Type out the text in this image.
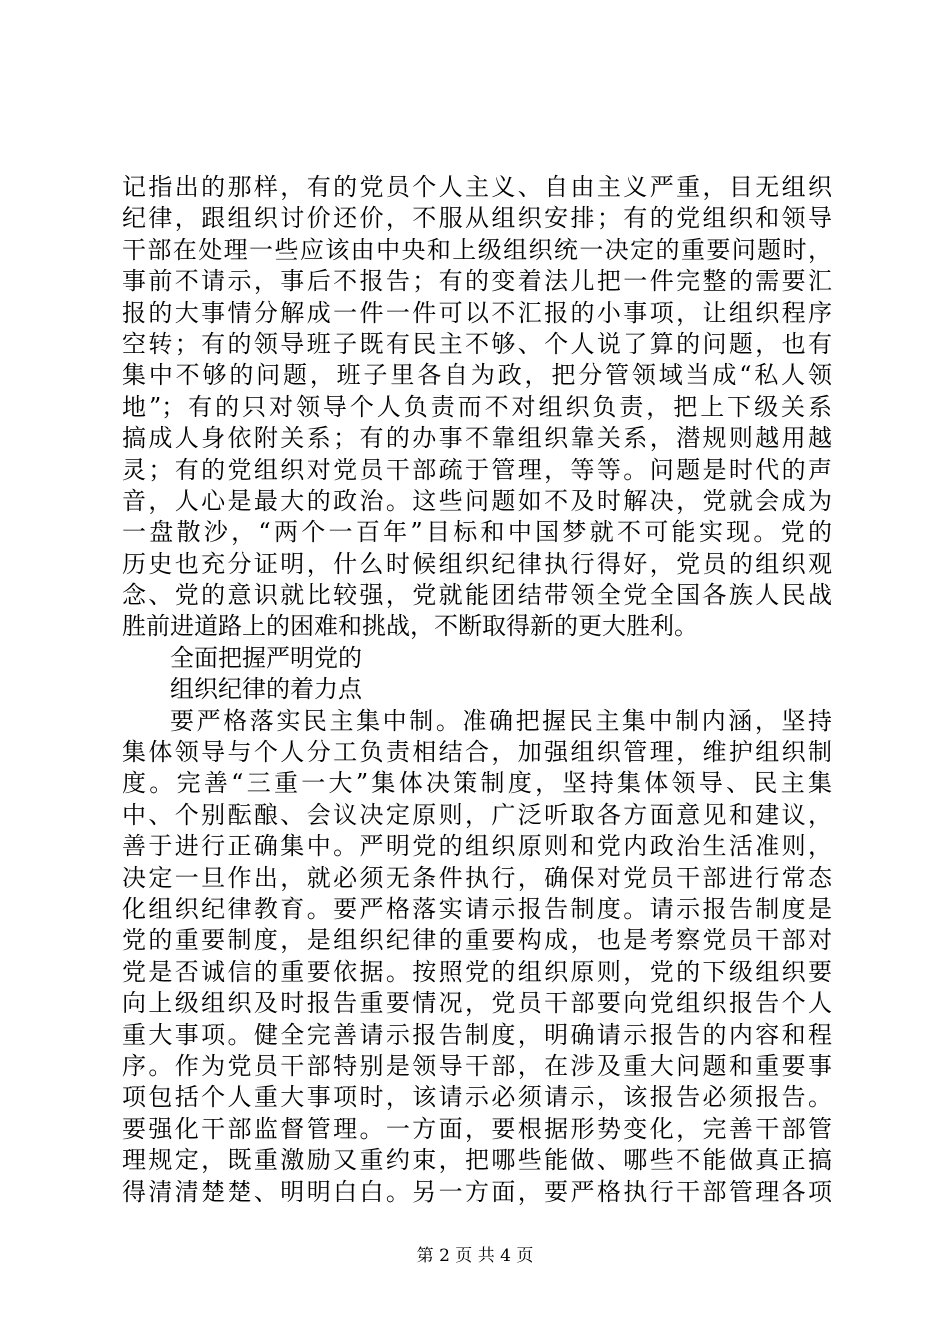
记指出的那样，有的党员个人主义、自由主义严重，目无组织
纪律，跟组织讨价还价，不服从组织安排；有的党组织和领导
干部在处理一些应该由中央和上级组织统一决定的重要问题时，
事前不请示，事后不报告；有的变着法儿把一件完整的需要汇
报的大事情分解成一件一件可以不汇报的小事项，让组织程序
空转；有的领导班子既有民主不够、个人说了算的问题，也有
集中不够的问题，班子里各自为政，把分管领域当成“私人领
地”；有的只对领导个人负责而不对组织负责，把上下级关系
搞成人身依附关系；有的办事不靠组织靠关系，潜规则越用越
灵；有的党组织对党员干部疏于管理，等等。问题是时代的声
音，人心是最大的政治。这些问题如不及时解决，党就会成为
一盘散沙，“两个一百年”目标和中国梦就不可能实现。党的
历史也充分证明，什么时候组织纪律执行得好，党员的组织观
念、党的意识就比较强，党就能团结带领全党全国各族人民战
胜前进道路上的困难和挑战，不断取得新的更大胜利。
全面把握严明党的
组织纪律的着力点
要严格落实民主集中制。准确把握民主集中制内涵，坚持
集体领导与个人分工负责相结合，加强组织管理，维护组织制
度。完善“三重一大”集体决策制度，坚持集体领导、民主集
中、个别酝酿、会议决定原则，广泛听取各方面意见和建议，
善于进行正确集中。严明党的组织原则和党内政治生活准则，
决定一旦作出，就必须无条件执行，确保对党员干部进行常态
化组织纪律教育。要严格落实请示报告制度。请示报告制度是
党的重要制度，是组织纪律的重要构成，也是考察党员干部对
党是否诚信的重要依据。按照党的组织原则，党的下级组织要
向上级组织及时报告重要情况，党员干部要向党组织报告个人
重大事项。健全完善请示报告制度，明确请示报告的内容和程
序。作为党员干部特别是领导干部，在涉及重大问题和重要事
项包括个人重大事项时，该请示必须请示，该报告必须报告。
要强化干部监督管理。一方面，要根据形势变化，完善干部管
理规定，既重激励又重约束，把哪些能做、哪些不能做真正搞
得清清楚楚、明明白白。另一方面，要严格执行干部管理各项
第 2 页 共 4 页
